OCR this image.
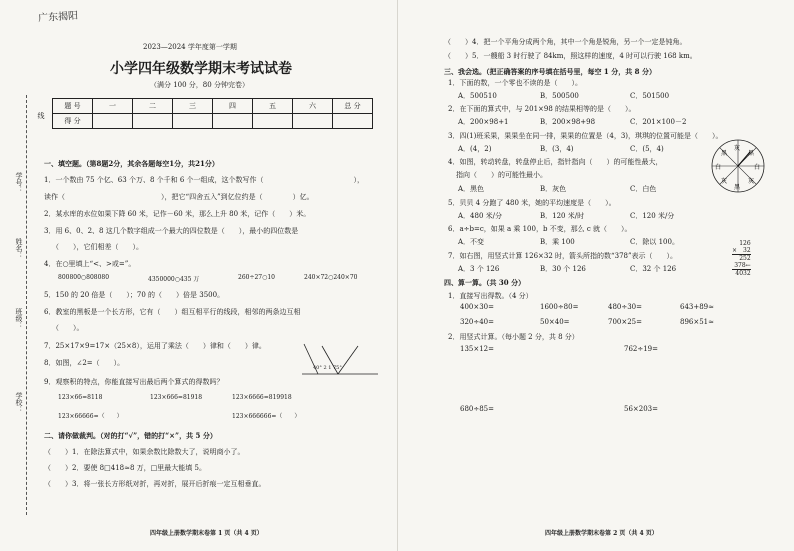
广东揭阳
线
学号：
姓名：
班级：
学校：
2023—2024 学年度第一学期
小学四年级数学期末考试试卷
（满分 100 分，80 分钟完卷）
题 号	一	二	三	四	五	六	总 分
得 分							
一、填空题。（第8题2分，其余各题每空1分，共21分）
1．一个数由 75 个亿、63 个万、8 个千和 6 个一组成，这个数写作（	），
读作（	），把它“四舍五入”到亿位约是（	）亿。
2．某水库的水位如果下降 60 米，记作－60 米，那么上升 80 米，记作（　　）米。
3．用 6、0、2、8 这几个数字组成一个最大的四位数是（　　），最小的四位数是
（　　），它们相差（　　）。
4．在○里填上“<、>或=”。
800800○808080	4350000○435 万	260÷27○10	240×72○240×70
5．150 的 20 倍是（　　）；70 的（　　）倍是 3500。
6．教室的黑板是一个长方形，它有（　　）组互相平行的线段，相邻的两条边互相
（　　）。
7．25×17×9=17×（25×8），运用了乘法（　　）律和（　　）律。
8．如图，∠2=（　　）。
40° 2 1 75°
9．观察积的特点，你能直接写出最后两个算式的得数吗？
123×66=8118	123×666=81918	123×6666=819918
123×66666=（　　）	123×666666=（　　）
二、请你做裁判。（对的打“√”，错的打“×”，共 5 分）
（　　）1．在除法算式中，如果余数比除数大了，说明商小了。
（　　）2．要使 8□418≈8 万，□里最大能填 5。
（　　）3．将一张长方形纸对折，再对折，展开后折痕一定互相垂直。
四年级上册数学期末卷第 1 页（共 4 页）
（　　）4．把一个平角分成两个角，其中一个角是锐角，另一个一定是钝角。
（　　）5．一艘船 3 时行驶了 84km，照这样的速度，4 时可以行驶 168 km。
三、我会选。（把正确答案的序号填在括号里，每空 1 分，共 8 分）
1．下面的数，一个零也不读的是（　　）。
A．500510	B．500500	C．501500
2．在下面的算式中，与 201×98 的结果相等的是（　　）。
A．200×98+1	B．200×98+98	C．201×100－2
3．四(1)班采果，果果坐在同一排，果果的位置是（4，3)，琪琪的位置可能是（　　）。
A．(4，2)	B．(3，4)	C．(5，4)
4．如图，转动转盘，转盘停止后，指针指向（　　）的可能性最大，
指向（　　）的可能性最小。
A．黑色	B．灰色	C．白色
灰
黑
白
灰
黑
灰
白
黑
5．贝贝 4 分跑了 480 米，她的平均速度是（　　）。
A．480 米/分	B．120 米/时	C．120 米/分
6．a÷b=c，如果 a 乘 100，b 不变，那么 c 就（　　）。
A．不变	B．乘 100	C．除以 100。
7．如右图，用竖式计算 126×32 时，箭头所指的数“378”表示（　　）。
A．3 个 126	B．30 个 126	C．32 个 126
126
×　32
252
378←
4032
四、算一算。（共 30 分）
1．直接写出得数。（4 分）
400×30=	1600÷80=	480÷30=	643+89≈
320÷40=	50×40=	700×25=	896×51≈
2．用竖式计算。（每小题 2 分，共 8 分）
135×12=	762÷19=
680÷85=	56×203=
四年级上册数学期末卷第 2 页（共 4 页）
